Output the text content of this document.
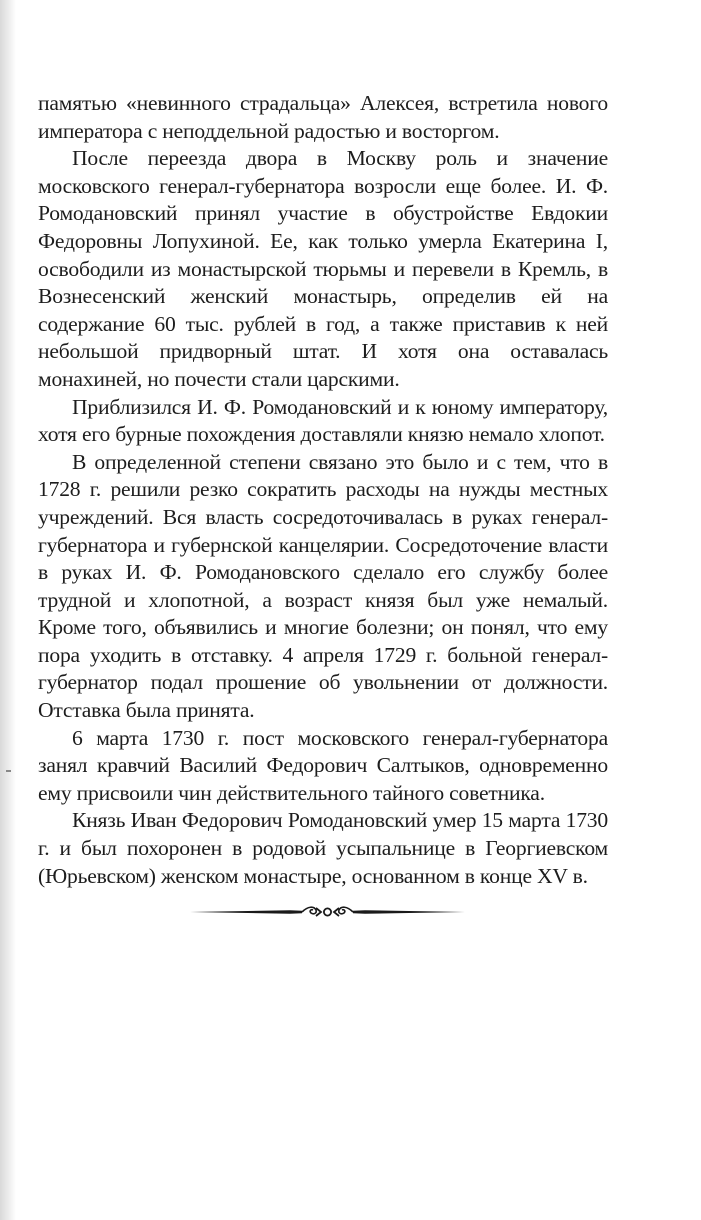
памятью «невинного страдальца» Алексея, встретила нового императора с неподдельной радостью и восторгом.

После переезда двора в Москву роль и значение московского генерал-губернатора возросли еще более. И. Ф. Ромодановский принял участие в обустройстве Евдокии Федоровны Лопухиной. Ее, как только умерла Екатерина I, освободили из монастырской тюрьмы и перевели в Кремль, в Вознесенский женский монастырь, определив ей на содержание 60 тыс. рублей в год, а также приставив к ней небольшой придворный штат. И хотя она оставалась монахиней, но почести стали царскими.

Приблизился И. Ф. Ромодановский и к юному императору, хотя его бурные похождения доставляли князю немало хлопот.

В определенной степени связано это было и с тем, что в 1728 г. решили резко сократить расходы на нужды местных учреждений. Вся власть сосредоточивалась в руках генерал-губернатора и губернской канцелярии. Сосредоточение власти в руках И. Ф. Ромодановского сделало его службу более трудной и хлопотной, а возраст князя был уже немалый. Кроме того, объявились и многие болезни; он понял, что ему пора уходить в отставку. 4 апреля 1729 г. больной генерал-губернатор подал прошение об увольнении от должности. Отставка была принята.

6 марта 1730 г. пост московского генерал-губернатора занял кравчий Василий Федорович Салтыков, одновременно ему присвоили чин действительного тайного советника.

Князь Иван Федорович Ромодановский умер 15 марта 1730 г. и был похоронен в родовой усыпальнице в Георгиевском (Юрьевском) женском монастыре, основанном в конце XV в.
